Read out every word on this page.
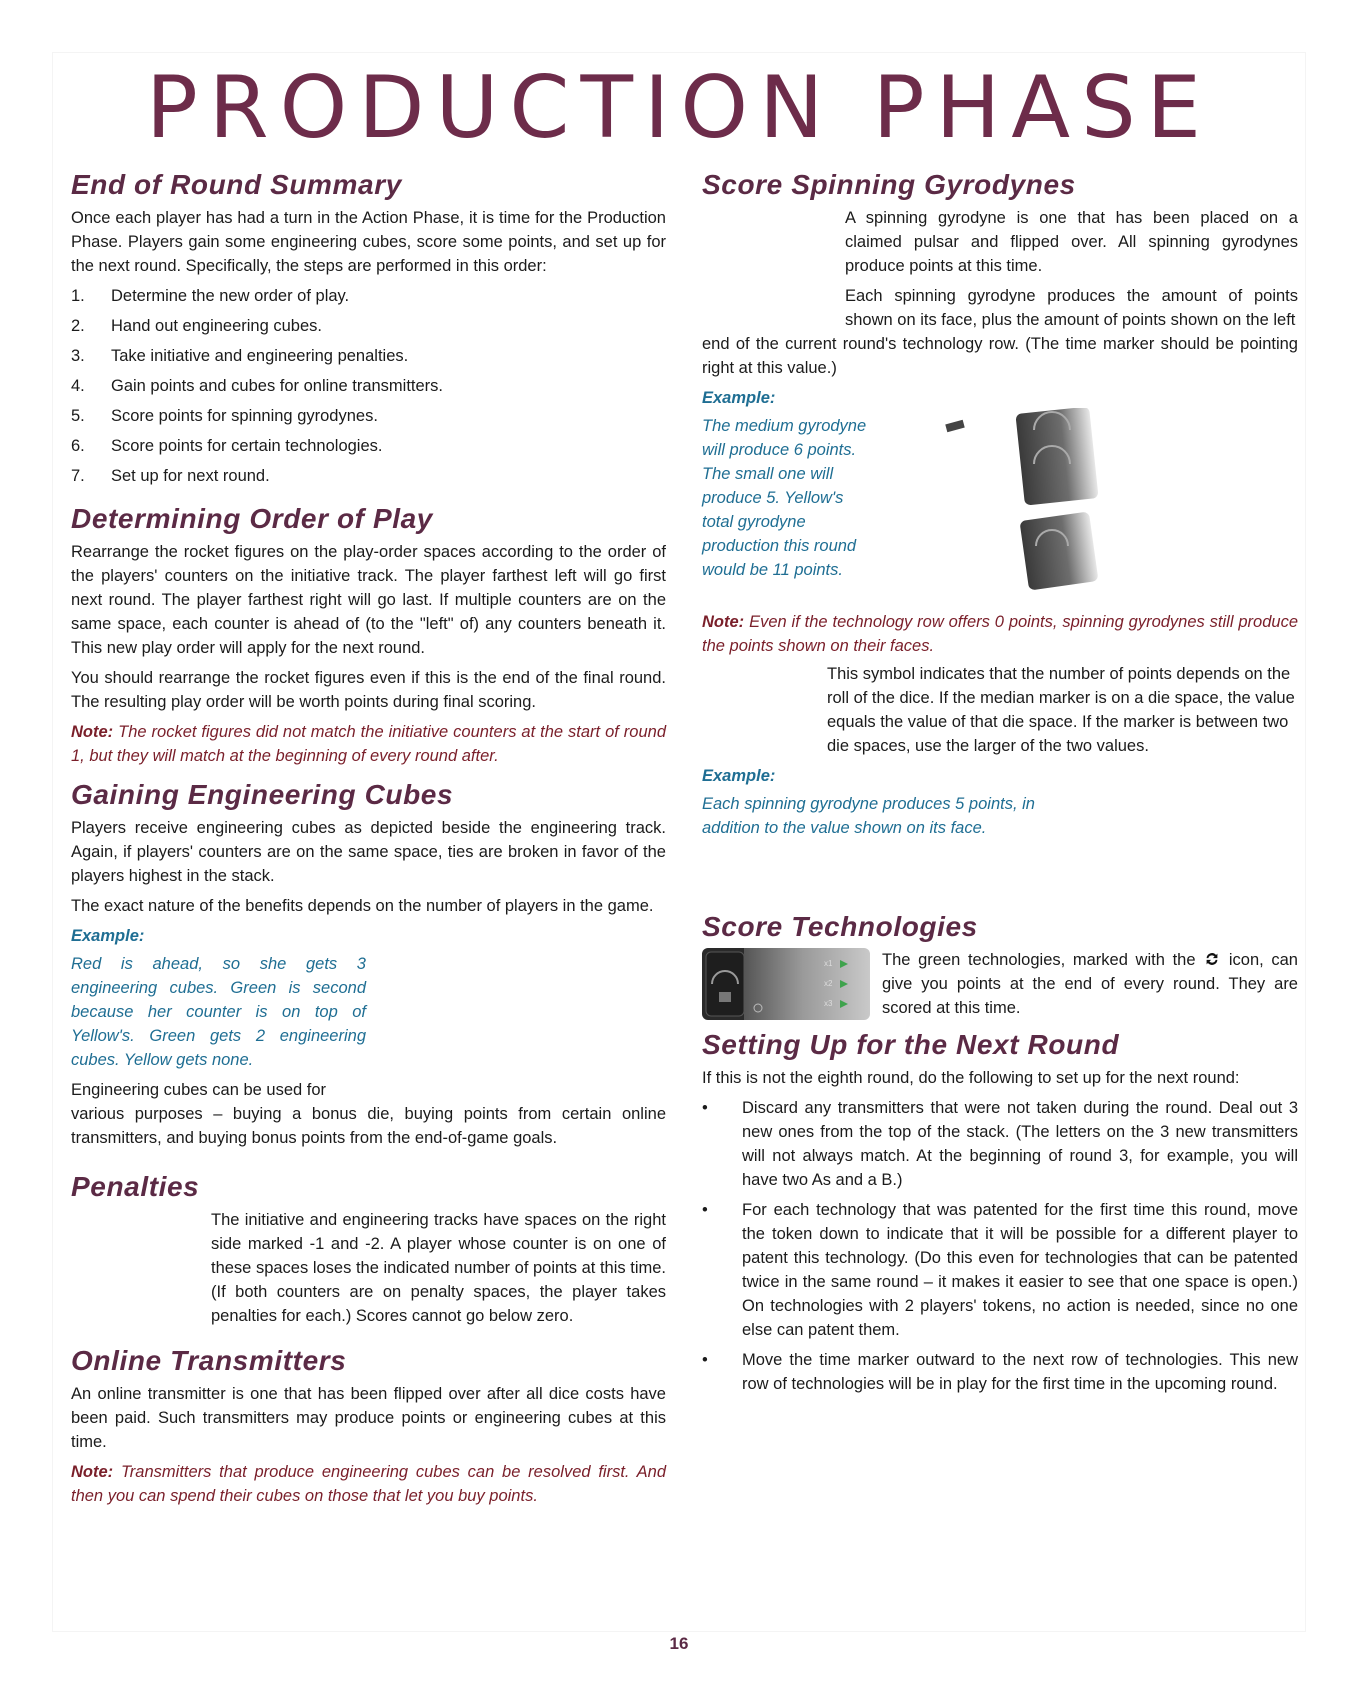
PRODUCTION PHASE
End of Round Summary

Once each player has had a turn in the Action Phase, it is time for the Production Phase. Players gain some engineering cubes, score some points, and set up for the next round. Specifically, the steps are performed in this order:

1.	Determine the new order of play.
2.	Hand out engineering cubes.
3.	Take initiative and engineering penalties.
4.	Gain points and cubes for online transmitters.
5.	Score points for spinning gyrodynes.
6.	Score points for certain technologies.
7.	Set up for next round.
Determining Order of Play

Rearrange the rocket figures on the play-order spaces according to the order of the players' counters on the initiative track. The player farthest left will go first next round. The player farthest right will go last. If multiple counters are on the same space, each counter is ahead of (to the "left" of) any counters beneath it. This new play order will apply for the next round.

You should rearrange the rocket figures even if this is the end of the final round. The resulting play order will be worth points during final scoring.

Note: The rocket figures did not match the initiative counters at the start of round 1, but they will match at the beginning of every round after.

Gaining Engineering Cubes

Players receive engineering cubes as depicted beside the engineering track. Again, if players' counters are on the same space, ties are broken in favor of the players highest in the stack.

The exact nature of the benefits depends on the number of players in the game.

Example:
Red is ahead, so she gets 3 engineering cubes. Green is second because her counter is on top of Yellow's. Green gets 2 engineering cubes. Yellow gets none.

Engineering cubes can be used for

various purposes – buying a bonus die, buying points from certain online transmitters, and buying bonus points from the end-of-game goals.

Penalties

The initiative and engineering tracks have spaces on the right side marked -1 and -2. A player whose counter is on one of these spaces loses the indicated number of points at this time. (If both counters are on penalty spaces, the player takes penalties for each.) Scores cannot go below zero.

Online Transmitters

An online transmitter is one that has been flipped over after all dice costs have been paid. Such transmitters may produce points or engineering cubes at this time.

Note: Transmitters that produce engineering cubes can be resolved first. And then you can spend their cubes on those that let you buy points.

Score Spinning Gyrodynes

A spinning gyrodyne is one that has been placed on a claimed pulsar and flipped over. All spinning gyrodynes produce points at this time.

Each spinning gyrodyne produces the amount of points shown on its face, plus the amount of points shown on the left

end of the current round's technology row. (The time marker should be pointing right at this value.)

Example:
The medium gyrodyne will produce 6 points. The small one will produce 5. Yellow's total gyrodyne production this round would be 11 points.

Note: Even if the technology row offers 0 points, spinning gyrodynes still produce the points shown on their faces.

This symbol indicates that the number of points depends on the roll of the dice. If the median marker is on a die space, the value equals the value of that die space. If the marker is between two die spaces, use the larger of the two values.

Example:
Each spinning gyrodyne produces 5 points, in addition to the value shown on its face.
Score Technologies
x1
x2
x3

The green technologies, marked with the icon, can give you points at the end of every round. They are scored at this time.

Setting Up for the Next Round

If this is not the eighth round, do the following to set up for the next round:

•	Discard any transmitters that were not taken during the round. Deal out 3 new ones from the top of the stack. (The letters on the 3 new transmitters will not always match. At the beginning of round 3, for example, you will have two As and a B.)
•	For each technology that was patented for the first time this round, move the token down to indicate that it will be possible for a different player to patent this technology. (Do this even for technologies that can be patented twice in the same round – it makes it easier to see that one space is open.) On technologies with 2 players' tokens, no action is needed, since no one else can patent them.
•	Move the time marker outward to the next row of technologies. This new row of technologies will be in play for the first time in the upcoming round.
16
